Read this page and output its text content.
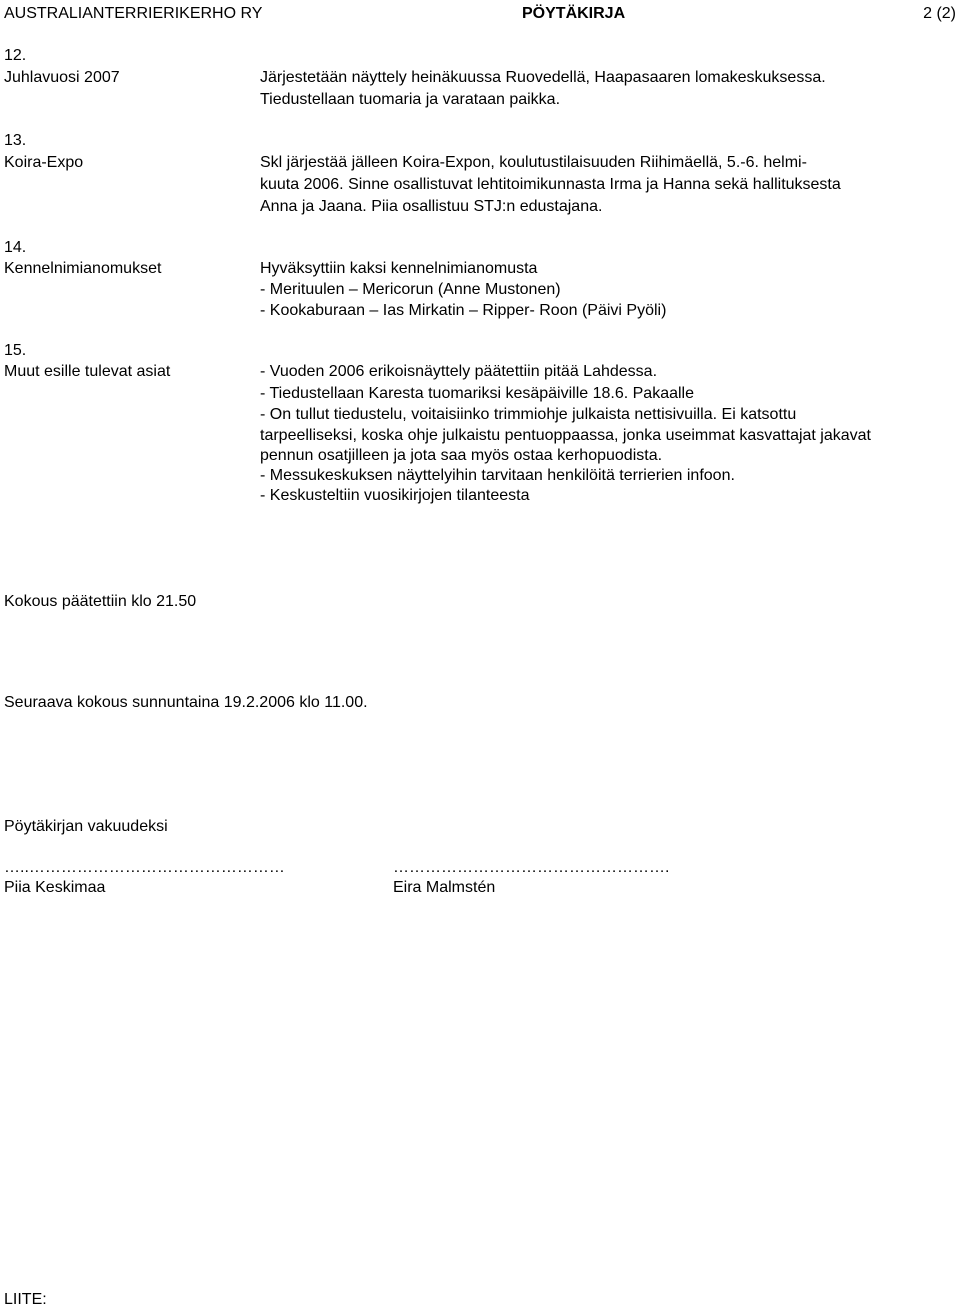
AUSTRALIANTERRIERIKERHO RY	PÖYTÄKIRJA	2 (2)
12.
Juhlavuosi 2007	Järjestetään näyttely heinäkuussa Ruovedellä, Haapasaaren lomakeskuksessa.
Tiedustellaan tuomaria ja varataan paikka.
13.
Koira-Expo	Skl järjestää jälleen Koira-Expon, koulutustilaisuuden Riihimäellä, 5.-6. helmi-
kuuta 2006. Sinne osallistuvat lehtitoimikunnasta Irma ja Hanna sekä hallituksesta
Anna ja Jaana. Piia osallistuu STJ:n edustajana.
14.
Kennelnimianomukset	Hyväksyttiin kaksi kennelnimianomusta
- Merituulen – Mericorun (Anne Mustonen)
- Kookaburaan – Ias Mirkatin – Ripper- Roon (Päivi Pyöli)
15.
Muut esille tulevat asiat	- Vuoden 2006 erikoisnäyttely päätettiin pitää Lahdessa.
- Tiedustellaan Karesta tuomariksi kesäpäiville 18.6. Pakaalle
- On tullut tiedustelu, voitaisiinko trimmiohje julkaista nettisivuilla. Ei katsottu
tarpeelliseksi, koska ohje julkaistu pentuoppaassa, jonka useimmat kasvattajat jakavat
pennun osatjilleen ja jota saa myös ostaa kerhopuodista.
- Messukeskuksen näyttelyihin tarvitaan henkilöitä terrierien infoon.
- Keskusteltiin vuosikirjojen tilanteesta
Kokous päätettiin klo 21.50
Seuraava kokous sunnuntaina 19.2.2006 klo 11.00.
Pöytäkirjan vakuudeksi
…..…………………………………………
Piia Keskimaa
…………………………………………….
Eira Malmstén
LIITE:
